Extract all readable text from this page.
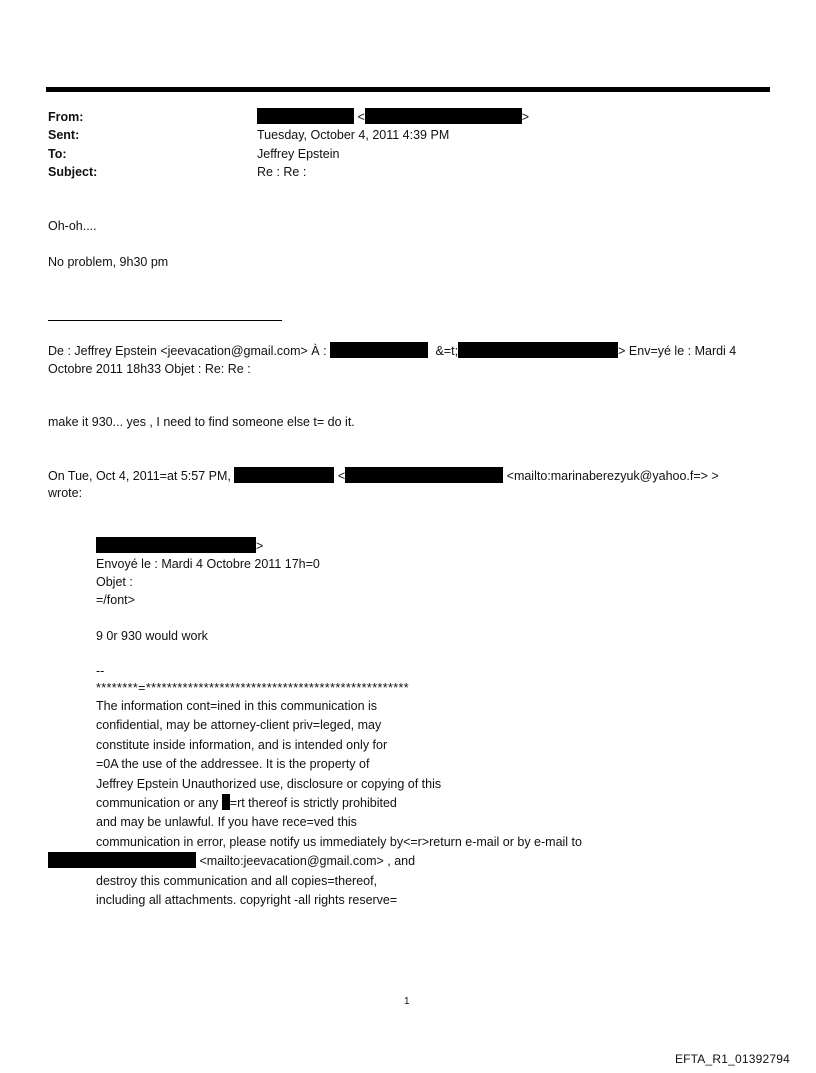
From:	<	>
Sent:	Tuesday, October 4, 2011 4:39 PM
To:	Jeffrey Epstein
Subject:	Re : Re :
Oh-oh....
No problem, 9h30 pm
De : Jeffrey Epstein <jeevacation@gmail.com> À :	&=t;	> Env=yé le : Mardi 4
Octobre 2011 18h33 Objet : Re: Re :
make it 930... yes , I need to find someone else t= do it.
On Tue, Oct 4, 2011=at 5:57 PM,	<	<mailto:marinaberezyuk@yahoo.f=> >
wrote:
>
Envoyé le : Mardi 4 Octobre 2011 17h=0
Objet :
=/font>
9 0r 930 would work
--
********=**************************************************
The information cont=ined in this communication is
confidential, may be attorney-client priv=leged, may
constitute inside information, and is intended only for
=0A the use of the addressee. It is the property of
Jeffrey Epstein Unauthorized use, disclosure or copying of this
communication or any =rt thereof is strictly prohibited
and may be unlawful. If you have rece=ved this
communication in error, please notify us immediately by<=r>return e-mail or by e-mail to
<mailto:jeevacation@gmail.com> , and
destroy this communication and all copies=thereof,
including all attachments. copyright -all rights reserve=
1
EFTA_R1_01392794
